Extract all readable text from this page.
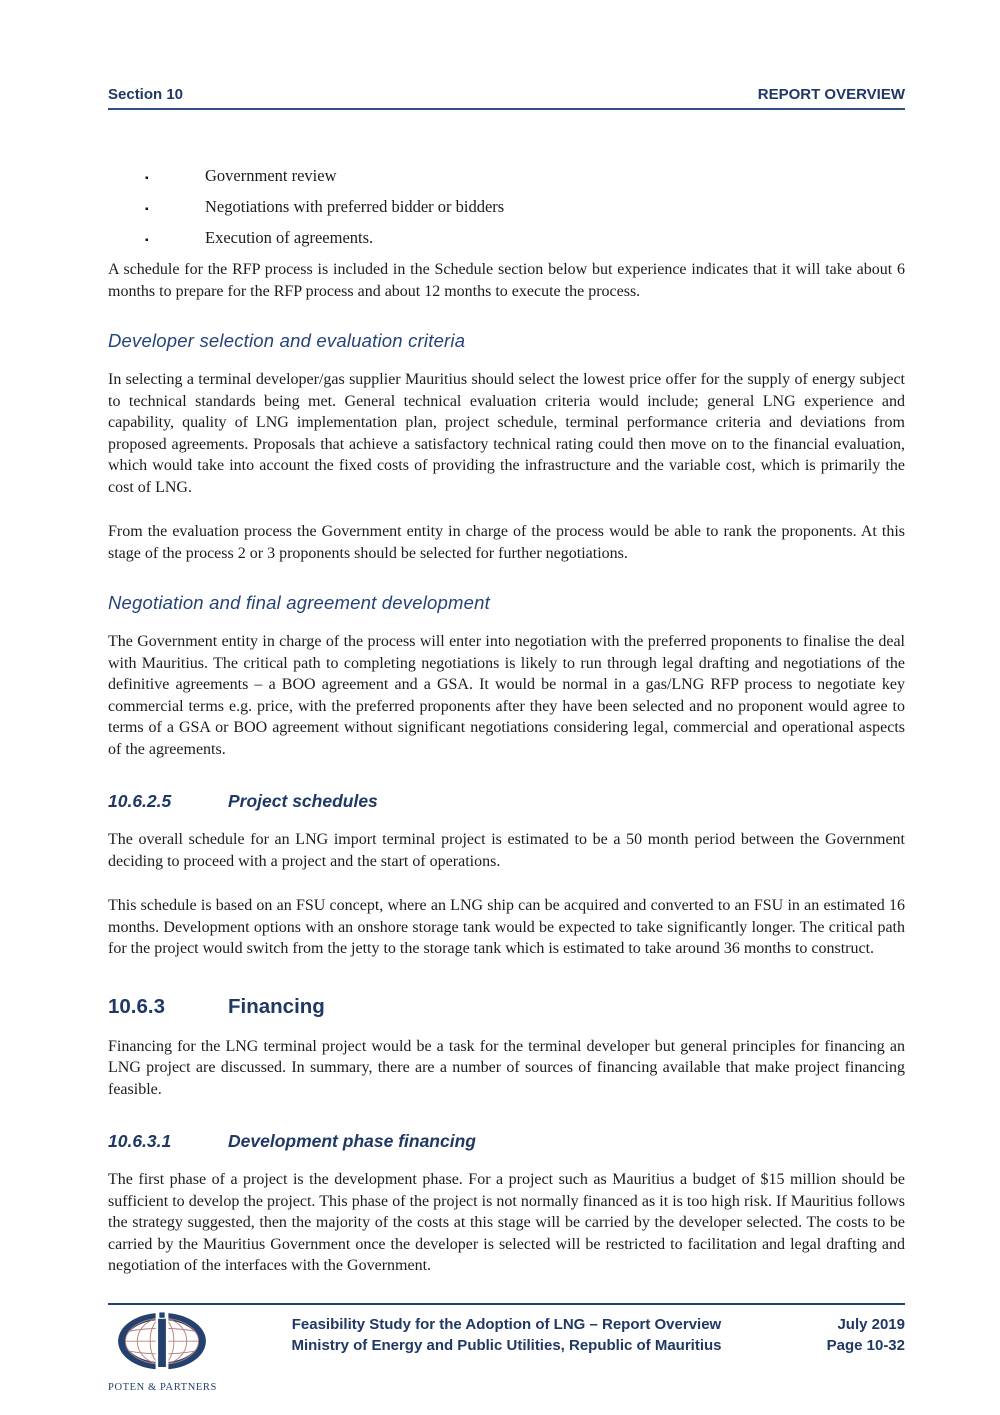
Section 10	REPORT OVERVIEW
▪	Government review
▪	Negotiations with preferred bidder or bidders
▪	Execution of agreements.

A schedule for the RFP process is included in the Schedule section below but experience indicates that it will take about 6 months to prepare for the RFP process and about 12 months to execute the process.

Developer selection and evaluation criteria

In selecting a terminal developer/gas supplier Mauritius should select the lowest price offer for the supply of energy subject to technical standards being met. General technical evaluation criteria would include; general LNG experience and capability, quality of LNG implementation plan, project schedule, terminal performance criteria and deviations from proposed agreements. Proposals that achieve a satisfactory technical rating could then move on to the financial evaluation, which would take into account the fixed costs of providing the infrastructure and the variable cost, which is primarily the cost of LNG.

From the evaluation process the Government entity in charge of the process would be able to rank the proponents. At this stage of the process 2 or 3 proponents should be selected for further negotiations.

Negotiation and final agreement development

The Government entity in charge of the process will enter into negotiation with the preferred proponents to finalise the deal with Mauritius. The critical path to completing negotiations is likely to run through legal drafting and negotiations of the definitive agreements – a BOO agreement and a GSA. It would be normal in a gas/LNG RFP process to negotiate key commercial terms e.g. price, with the preferred proponents after they have been selected and no proponent would agree to terms of a GSA or BOO agreement without significant negotiations considering legal, commercial and operational aspects of the agreements.

10.6.2.5	Project schedules

The overall schedule for an LNG import terminal project is estimated to be a 50 month period between the Government deciding to proceed with a project and the start of operations.

This schedule is based on an FSU concept, where an LNG ship can be acquired and converted to an FSU in an estimated 16 months. Development options with an onshore storage tank would be expected to take significantly longer. The critical path for the project would switch from the jetty to the storage tank which is estimated to take around 36 months to construct.

10.6.3	Financing

Financing for the LNG terminal project would be a task for the terminal developer but general principles for financing an LNG project are discussed. In summary, there are a number of sources of financing available that make project financing feasible.

10.6.3.1	Development phase financing

The first phase of a project is the development phase. For a project such as Mauritius a budget of $15 million should be sufficient to develop the project. This phase of the project is not normally financed as it is too high risk. If Mauritius follows the strategy suggested, then the majority of the costs at this stage will be carried by the developer selected. The costs to be carried by the Mauritius Government once the developer is selected will be restricted to facilitation and legal drafting and negotiation of the interfaces with the Government.

POTEN & PARTNERS
Feasibility Study for the Adoption of LNG – Report Overview
Ministry of Energy and Public Utilities, Republic of Mauritius
July 2019
Page 10-32
